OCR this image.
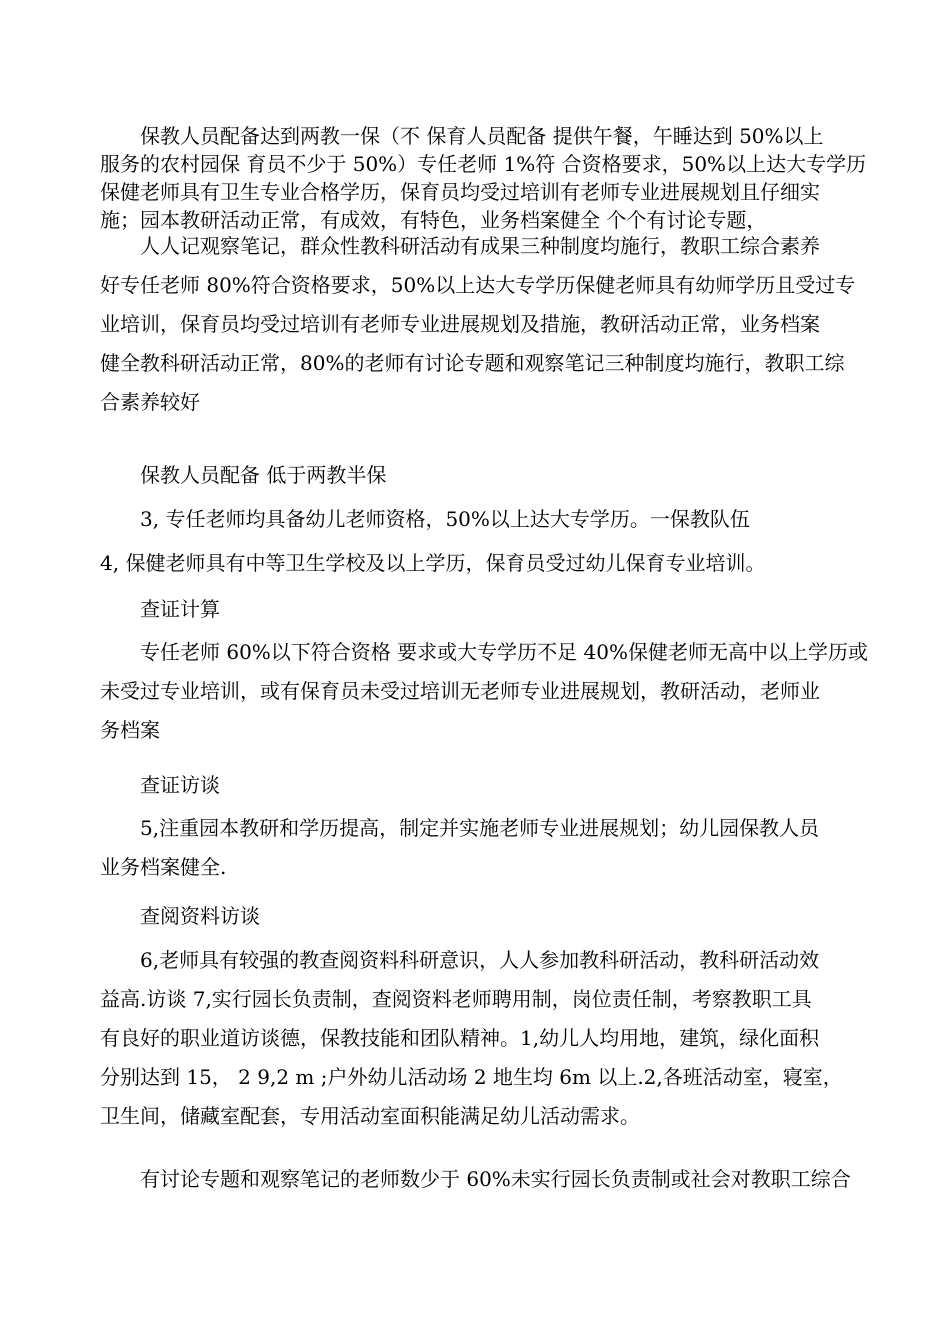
　　保教人员配备达到两教一保（不 保育人员配备 提供午餐，午睡达到 50%以上
服务的农村园保 育员不少于 50%）专任老师 1%符 合资格要求，50%以上达大专学历
保健老师具有卫生专业合格学历，保育员均受过培训有老师专业进展规划且仔细实
施；园本教研活动正常，有成效，有特色，业务档案健全 个个有讨论专题，
　　人人记观察笔记，群众性教科研活动有成果三种制度均施行，教职工综合素养
好专任老师 80%符合资格要求，50%以上达大专学历保健老师具有幼师学历且受过专
业培训，保育员均受过培训有老师专业进展规划及措施，教研活动正常，业务档案
健全教科研活动正常，80%的老师有讨论专题和观察笔记三种制度均施行，教职工综
合素养较好
　　保教人员配备 低于两教半保
　　3, 专任老师均具备幼儿老师资格，50%以上达大专学历。一保教队伍
4, 保健老师具有中等卫生学校及以上学历，保育员受过幼儿保育专业培训。
　　查证计算
　　专任老师 60%以下符合资格 要求或大专学历不足 40%保健老师无高中以上学历或
未受过专业培训，或有保育员未受过培训无老师专业进展规划，教研活动，老师业
务档案
　　查证访谈
　　5,注重园本教研和学历提高，制定并实施老师专业进展规划；幼儿园保教人员
业务档案健全.
　　查阅资料访谈
　　6,老师具有较强的教查阅资料科研意识，人人参加教科研活动，教科研活动效
益高.访谈 7,实行园长负责制，查阅资料老师聘用制，岗位责任制，考察教职工具
有良好的职业道访谈德，保教技能和团队精神。1,幼儿人均用地，建筑，绿化面积
分别达到 15， 2 9,2 m ;户外幼儿活动场 2 地生均 6m 以上.2,各班活动室，寝室，
卫生间，储藏室配套，专用活动室面积能满足幼儿活动需求。
　　有讨论专题和观察笔记的老师数少于 60%未实行园长负责制或社会对教职工综合
